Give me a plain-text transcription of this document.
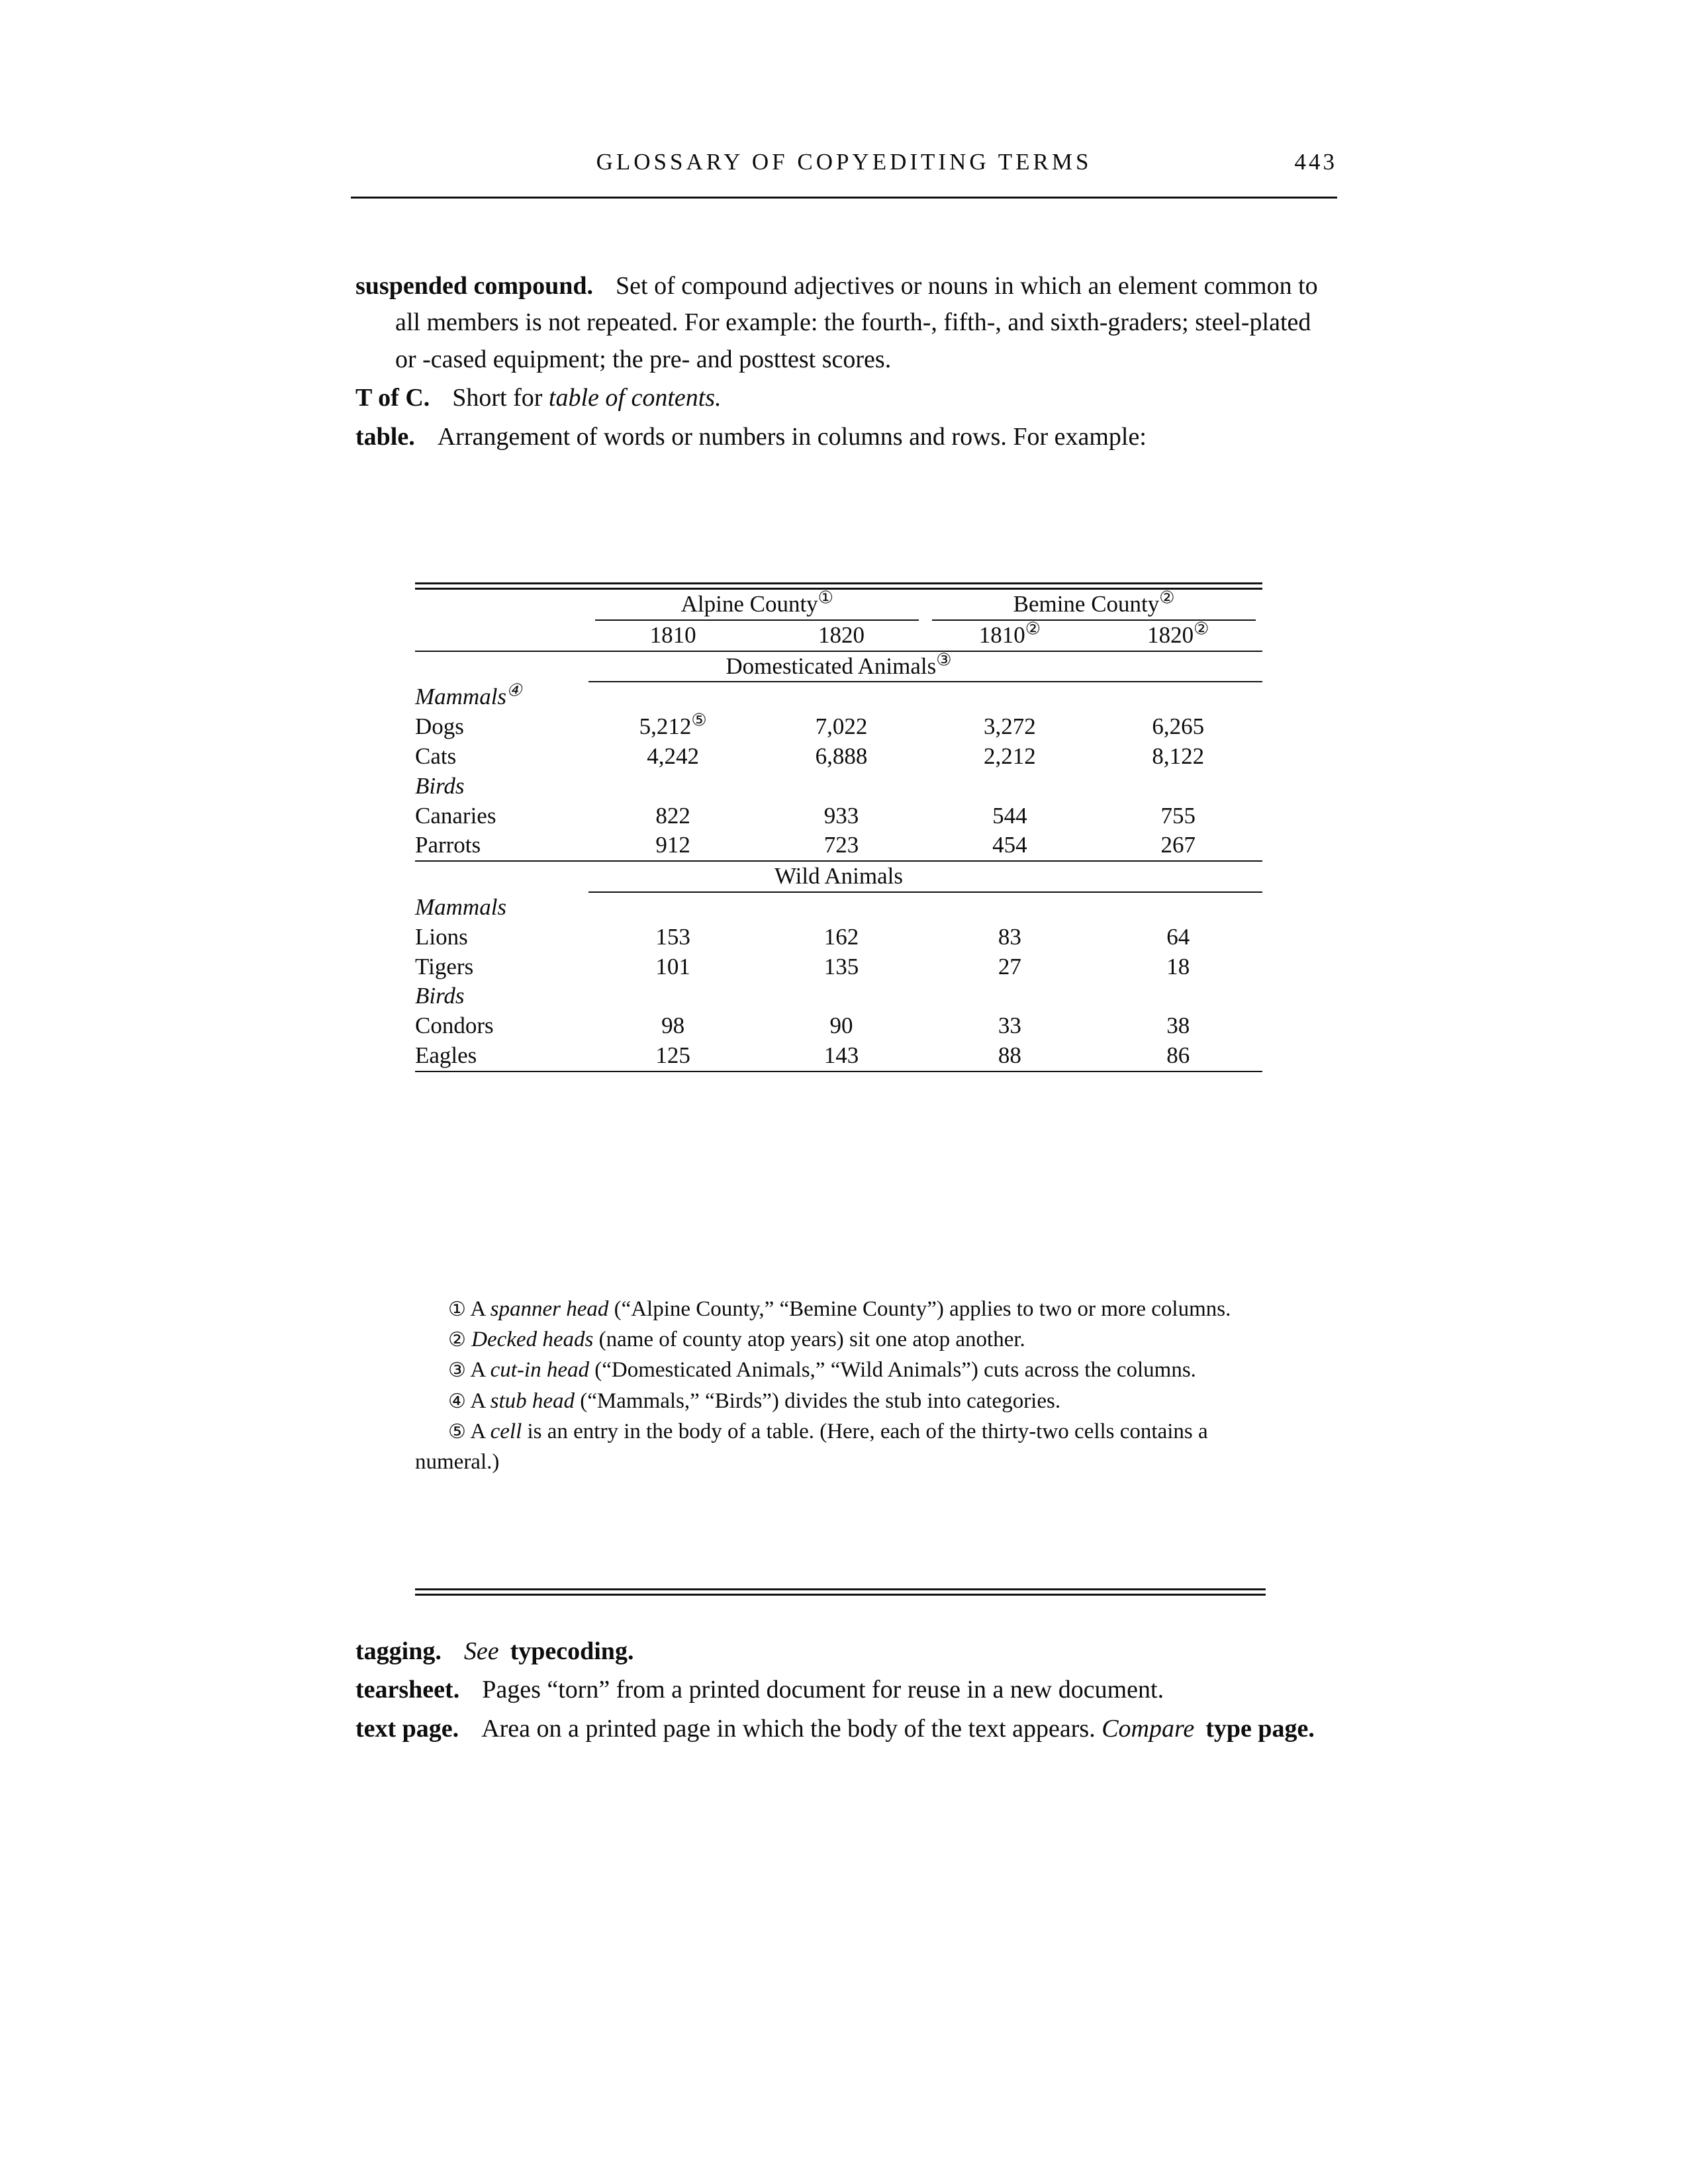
GLOSSARY OF COPYEDITING TERMS	443

suspended compound. Set of compound adjectives or nouns in which an element common to all members is not repeated. For example: the fourth-, fifth-, and sixth-graders; steel-plated or -cased equipment; the pre- and posttest scores.

T of C. Short for table of contents.

table. Arrangement of words or numbers in columns and rows. For example:

	Alpine County①		Bemine County②

	1810	1820	1810②	1820②

Domesticated Animals③

Mammals④	
Dogs	5,212⑤	7,022	3,272	6,265
Cats	4,242	6,888	2,212	8,122
Birds				
Canaries	822	933	544	755
Parrots	912	723	454	267

Wild Animals				

Mammals				
Lions	153	162	83	64
Tigers	101	135	27	18
Birds				
Condors	98	90	33	38
Eagles	125	143	88	86

① A spanner head (“Alpine County,” “Bemine County”) applies to two or more columns.

② Decked heads (name of county atop years) sit one atop another.

③ A cut-in head (“Domesticated Animals,” “Wild Animals”) cuts across the columns.

④ A stub head (“Mammals,” “Birds”) divides the stub into categories.

⑤ A cell is an entry in the body of a table. (Here, each of the thirty-two cells contains a numeral.)

tagging. See typecoding.

tearsheet. Pages “torn” from a printed document for reuse in a new document.

text page. Area on a printed page in which the body of the text appears. Compare type page.
